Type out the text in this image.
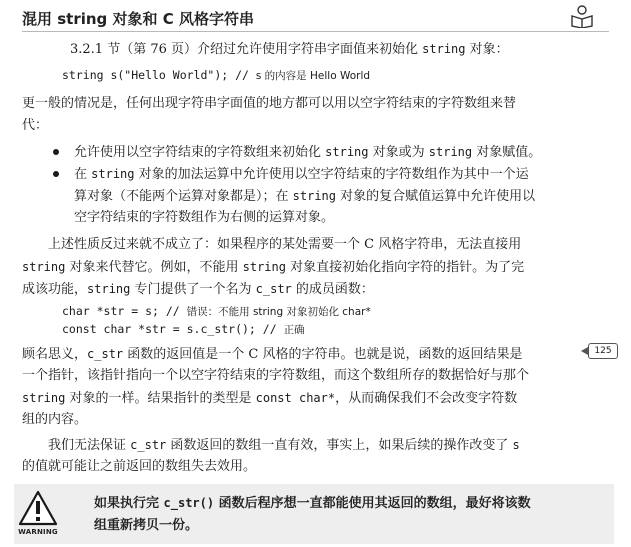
混用 string 对象和 C 风格字符串

3.2.1 节（第 76 页）介绍过允许使用字符串字面值来初始化 string 对象：

string s("Hello World"); // s 的内容是 Hello World

更一般的情况是，任何出现字符串字面值的地方都可以用以空字符结束的字符数组来替

代：

允许使用以空字符结束的字符数组来初始化 string 对象或为 string 对象赋值。

在 string 对象的加法运算中允许使用以空字符结束的字符数组作为其中一个运

算对象（不能两个运算对象都是）；在 string 对象的复合赋值运算中允许使用以

空字符结束的字符数组作为右侧的运算对象。

上述性质反过来就不成立了：如果程序的某处需要一个 C 风格字符串，无法直接用

string 对象来代替它。例如，不能用 string 对象直接初始化指向字符的指针。为了完

成该功能，string 专门提供了一个名为 c_str 的成员函数：

char *str = s; // 错误：不能用 string 对象初始化 char*
const char *str = s.c_str(); // 正确

顾名思义，c_str 函数的返回值是一个 C 风格的字符串。也就是说，函数的返回结果是	125

一个指针，该指针指向一个以空字符结束的字符数组，而这个数组所存的数据恰好与那个

string 对象的一样。结果指针的类型是 const char*，从而确保我们不会改变字符数

组的内容。

我们无法保证 c_str 函数返回的数组一直有效，事实上，如果后续的操作改变了 s

的值就可能让之前返回的数组失去效用。

WARNING
如果执行完 c_str() 函数后程序想一直都能使用其返回的数组，最好将该数
组重新拷贝一份。
